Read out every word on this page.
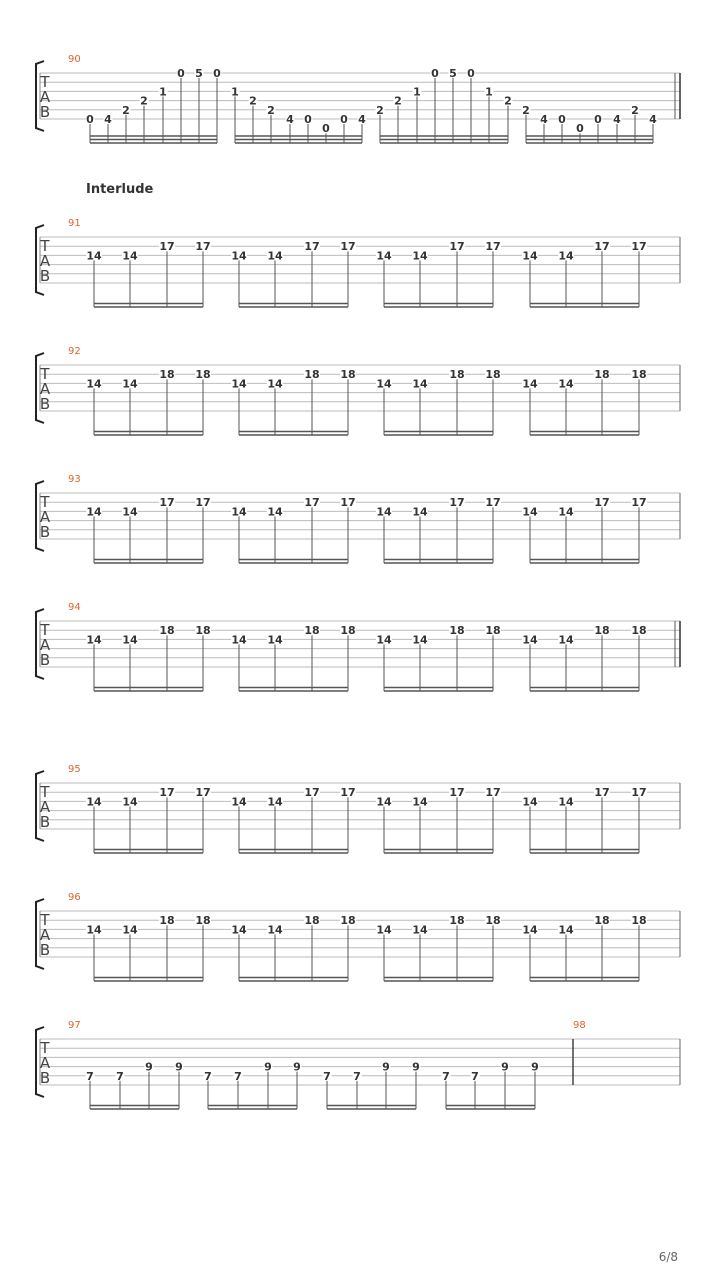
T
A
B
90
0 4
2
2
1
0 5 0
1
2
2
4 0
0
0 4
2
2
1
0 5 0
1
2
2
4 0
0
0 4
2
4
T
A
B
91
14 14
17 17
14 14
17 17
14 14
17 17
14 14
17 17
T
A
B
92
14 14
18 18
14 14
18 18
14 14
18 18
14 14
18 18
T
A
B
93
14 14
17 17
14 14
17 17
14 14
17 17
14 14
17 17
T
A
B
94
14 14
18 18
14 14
18 18
14 14
18 18
14 14
18 18
T
A
B
95
14 14
17 17
14 14
17 17
14 14
17 17
14 14
17 17
T
A
B
96
14 14
18 18
14 14
18 18
14 14
18 18
14 14
18 18
T
A
B
97	98
7 7
9 9
7 7
9 9
7 7
9 9
7 7
9 9
Interlude
6/8
